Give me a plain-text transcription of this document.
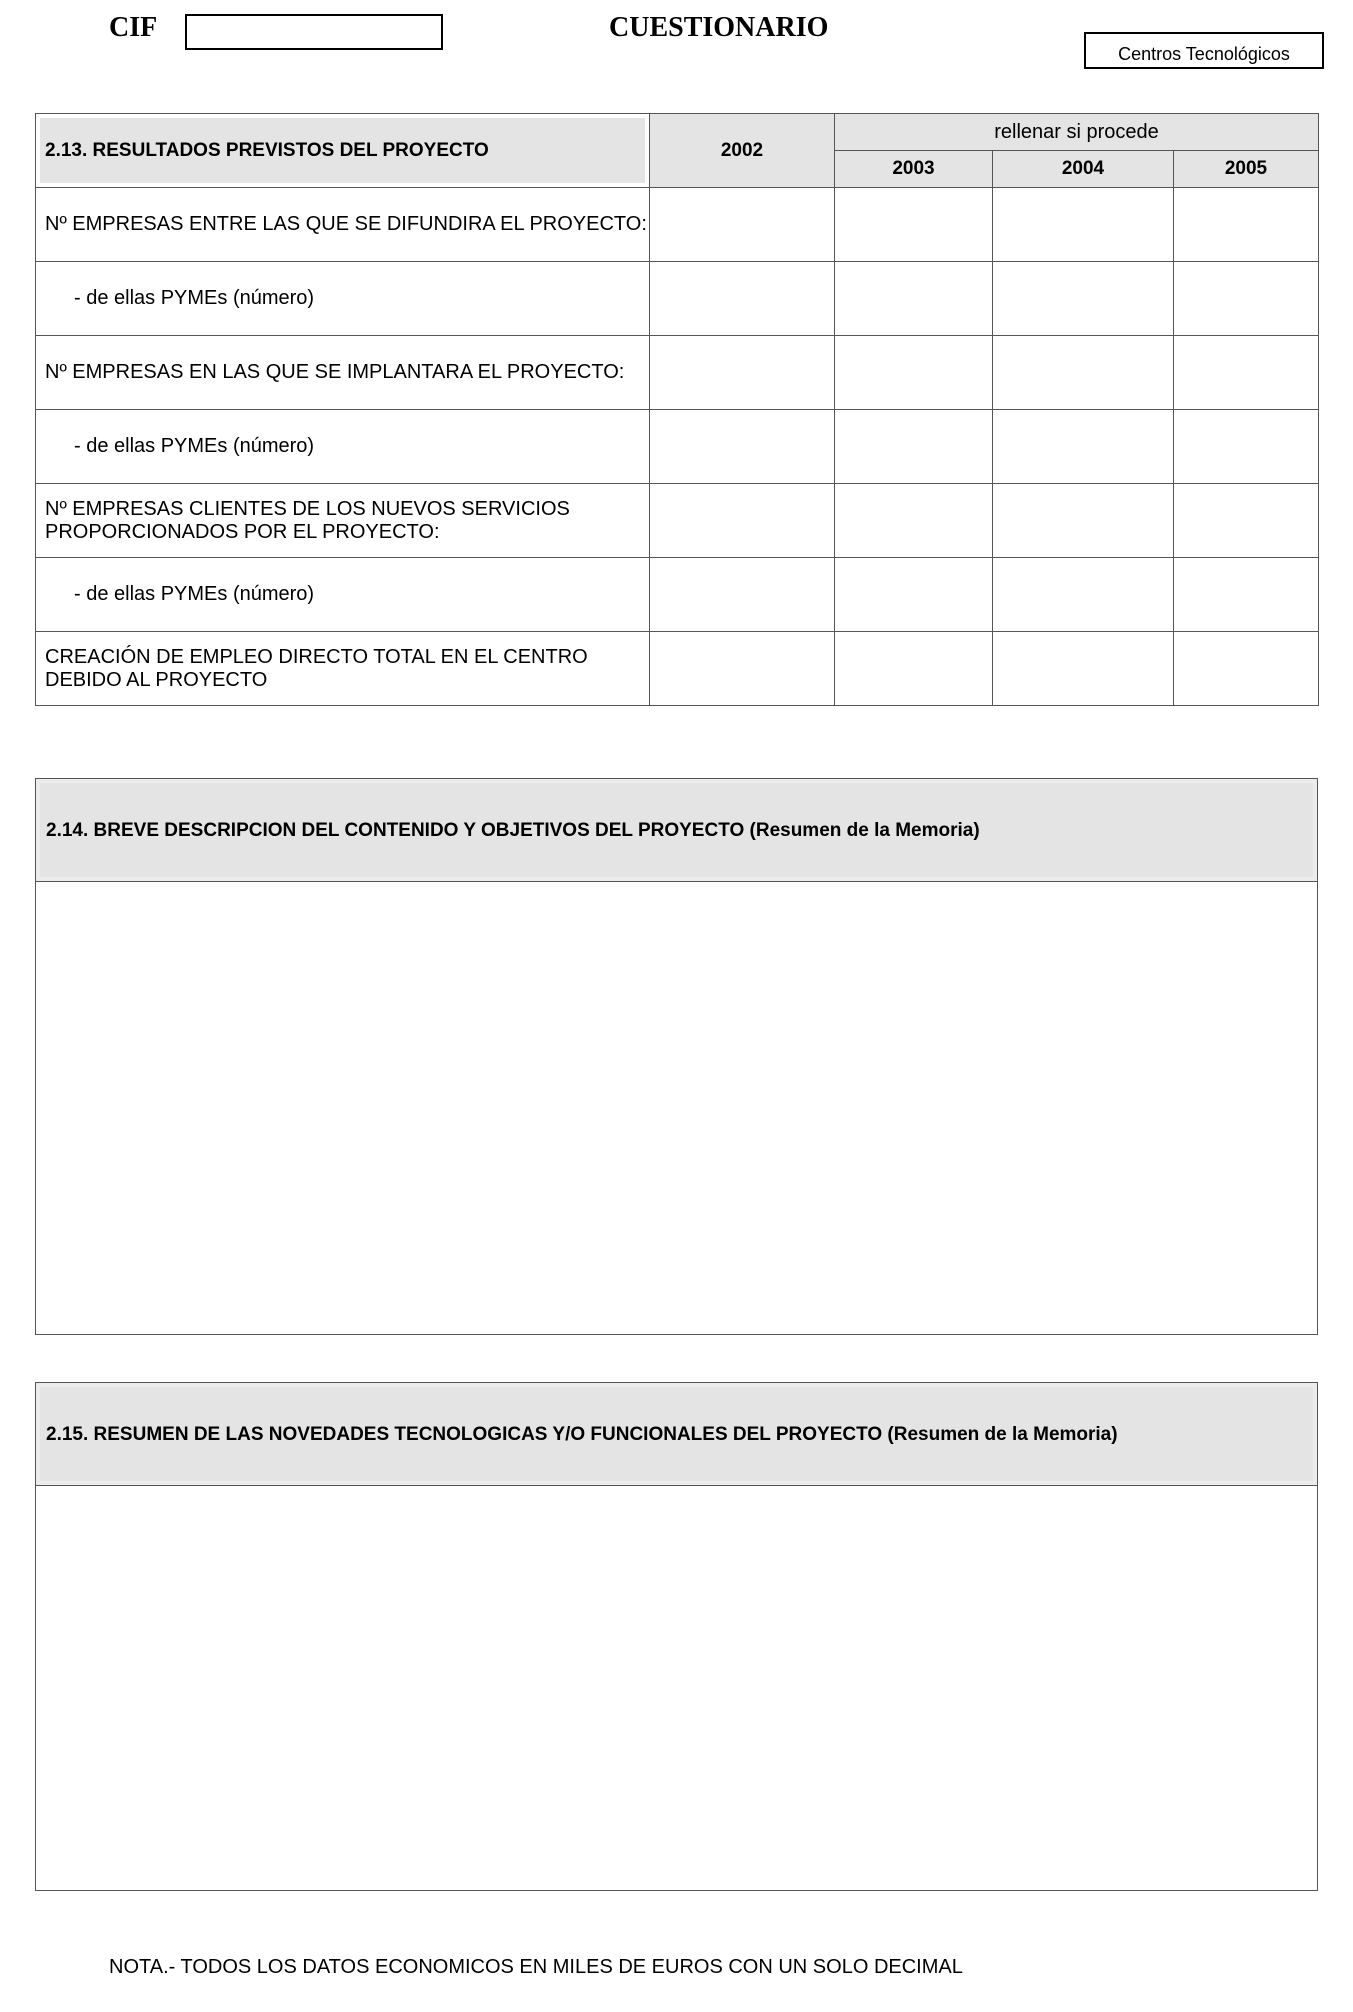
CIF	CUESTIONARIO
Centros Tecnológicos
2.13. RESULTADOS PREVISTOS DEL PROYECTO	2002	rellenar si procede		
		2003	2004	2005
Nº EMPRESAS ENTRE LAS QUE SE DIFUNDIRA EL PROYECTO:				
- de ellas PYMEs (número)				
Nº EMPRESAS EN LAS QUE SE IMPLANTARA EL PROYECTO:				
- de ellas PYMEs (número)				
Nº EMPRESAS CLIENTES DE LOS NUEVOS SERVICIOS PROPORCIONADOS POR EL PROYECTO:				
- de ellas PYMEs (número)				
CREACIÓN DE EMPLEO DIRECTO TOTAL EN EL CENTRO DEBIDO AL PROYECTO				
2.14. BREVE DESCRIPCION DEL CONTENIDO Y OBJETIVOS DEL PROYECTO (Resumen de la Memoria)
2.15. RESUMEN DE LAS NOVEDADES TECNOLOGICAS Y/O FUNCIONALES DEL PROYECTO (Resumen de la Memoria)
NOTA.- TODOS LOS DATOS ECONOMICOS EN MILES DE EUROS CON UN SOLO DECIMAL
